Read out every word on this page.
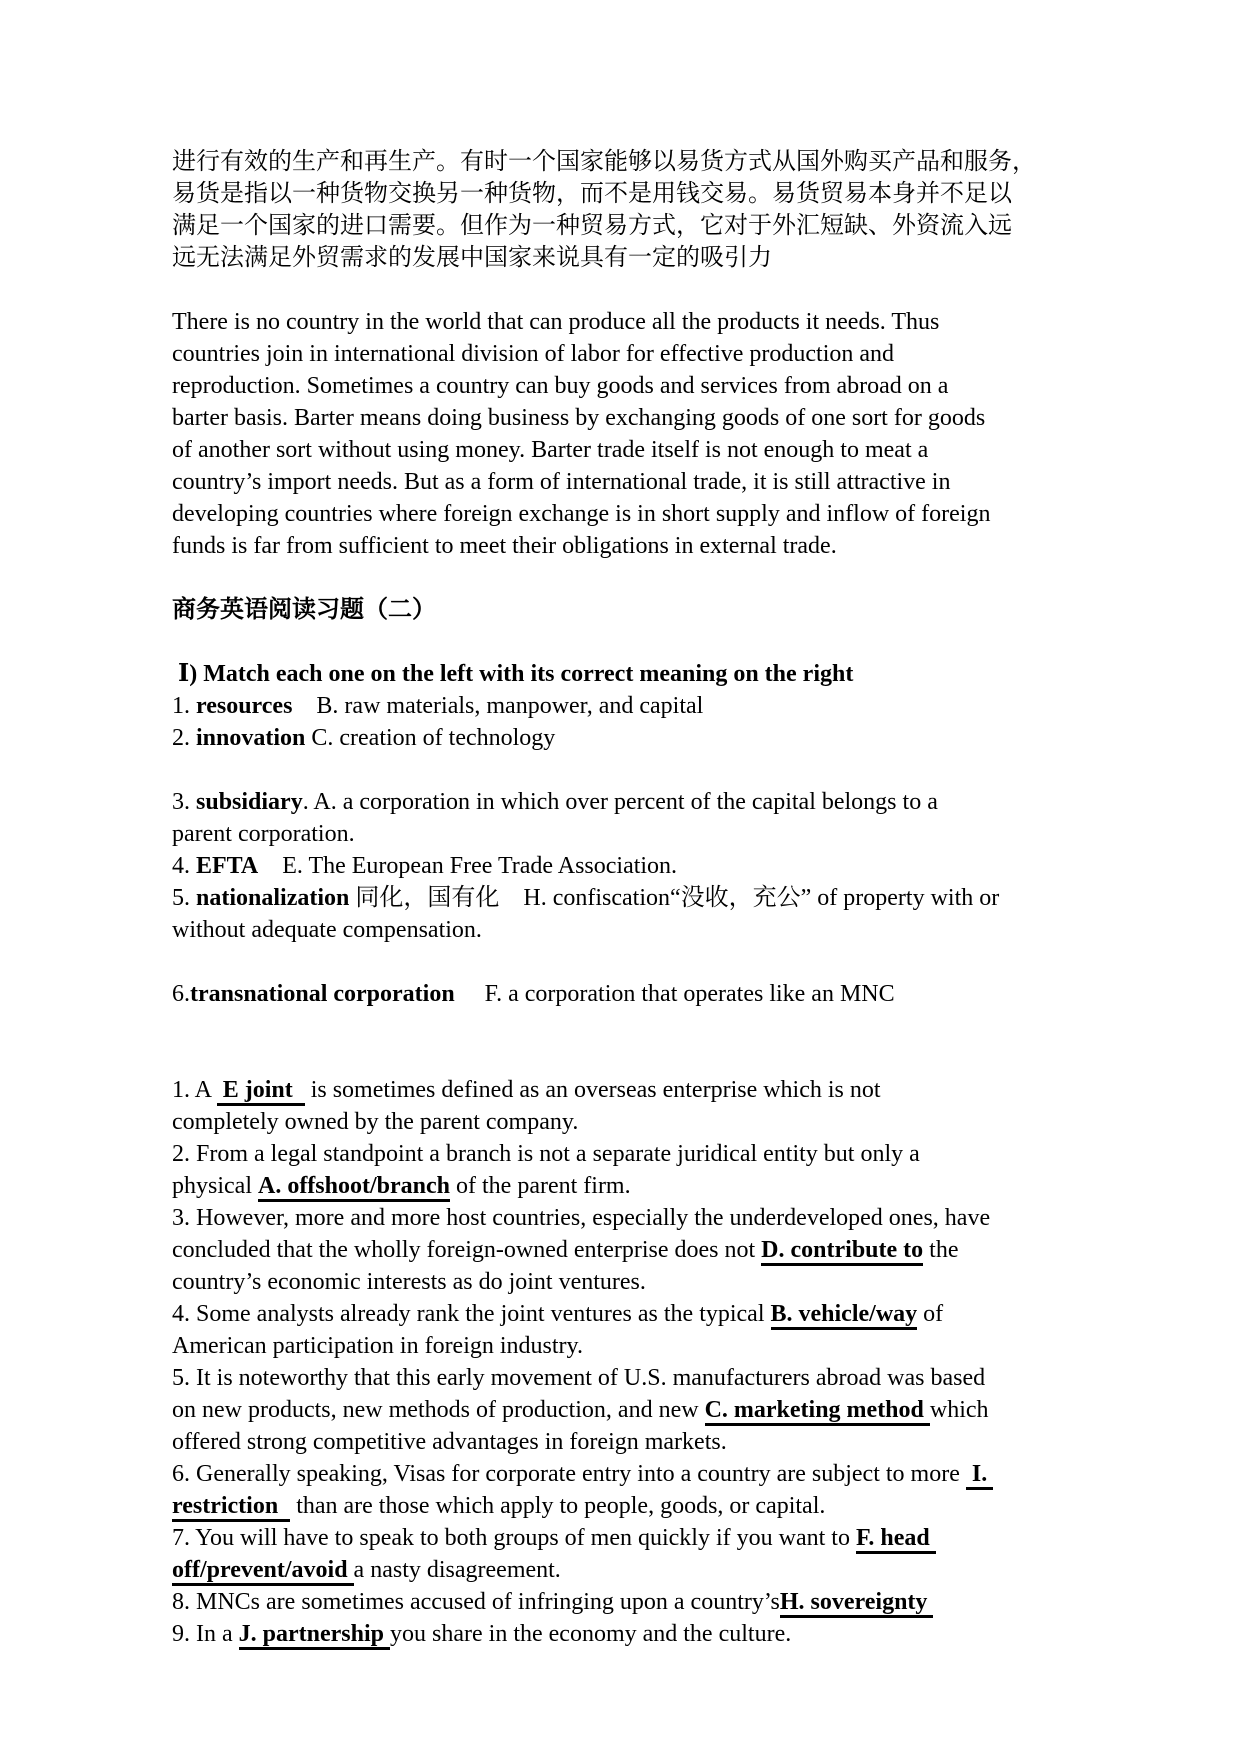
进行有效的生产和再生产。有时一个国家能够以易货方式从国外购买产品和服务，

易货是指以一种货物交换另一种货物，而不是用钱交易。易货贸易本身并不足以

满足一个国家的进口需要。但作为一种贸易方式，它对于外汇短缺、外资流入远

远无法满足外贸需求的发展中国家来说具有一定的吸引力

There is no country in the world that can produce all the products it needs. Thus

countries join in international division of labor for effective production and

reproduction. Sometimes a country can buy goods and services from abroad on a

barter basis. Barter means doing business by exchanging goods of one sort for goods

of another sort without using money. Barter trade itself is not enough to meat a

country’s import needs. But as a form of international trade, it is still attractive in

developing countries where foreign exchange is in short supply and inflow of foreign

funds is far from sufficient to meet their obligations in external trade.

商务英语阅读习题（二）

Ⅰ) Match each one on the left with its correct meaning on the right

1. resources    B. raw materials, manpower, and capital

2. innovation C. creation of technology

3. subsidiary. A. a corporation in which over percent of the capital belongs to a

parent corporation.

4. EFTA    E. The European Free Trade Association.

5. nationalization 同化，国有化    H. confiscation“没收，充公” of property with or

without adequate compensation.

6.transnational corporation     F. a corporation that operates like an MNC

1. A  E joint   is sometimes defined as an overseas enterprise which is not

completely owned by the parent company.

2. From a legal standpoint a branch is not a separate juridical entity but only a

physical A. offshoot/branch of the parent firm.

3. However, more and more host countries, especially the underdeveloped ones, have

concluded that the wholly foreign-owned enterprise does not D. contribute to the

country’s economic interests as do joint ventures.

4. Some analysts already rank the joint ventures as the typical B. vehicle/way of

American participation in foreign industry.

5. It is noteworthy that this early movement of U.S. manufacturers abroad was based

on new products, new methods of production, and new C. marketing method which

offered strong competitive advantages in foreign markets.

6. Generally speaking, Visas for corporate entry into a country are subject to more  I.

restriction   than are those which apply to people, goods, or capital.

7. You will have to speak to both groups of men quickly if you want to F. head

off/prevent/avoid a nasty disagreement.

8. MNCs are sometimes accused of infringing upon a country’sH. sovereignty

9. In a J. partnership you share in the economy and the culture.
